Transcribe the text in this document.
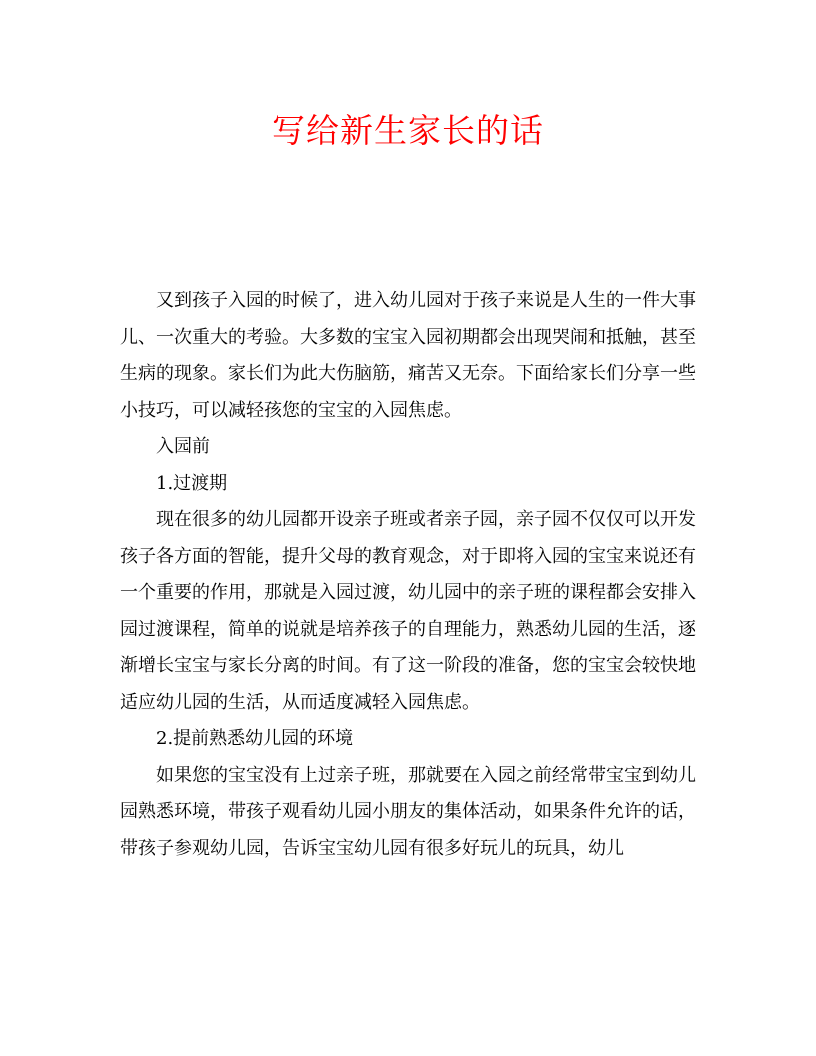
写给新生家长的话

又到孩子入园的时候了，进入幼儿园对于孩子来说是人生的一件大事儿、一次重大的考验。大多数的宝宝入园初期都会出现哭闹和抵触，甚至生病的现象。家长们为此大伤脑筋，痛苦又无奈。下面给家长们分享一些小技巧，可以减轻孩您的宝宝的入园焦虑。

入园前

1.过渡期

现在很多的幼儿园都开设亲子班或者亲子园，亲子园不仅仅可以开发孩子各方面的智能，提升父母的教育观念，对于即将入园的宝宝来说还有一个重要的作用，那就是入园过渡，幼儿园中的亲子班的课程都会安排入园过渡课程，简单的说就是培养孩子的自理能力，熟悉幼儿园的生活，逐渐增长宝宝与家长分离的时间。有了这一阶段的准备，您的宝宝会较快地适应幼儿园的生活，从而适度减轻入园焦虑。

2.提前熟悉幼儿园的环境

如果您的宝宝没有上过亲子班，那就要在入园之前经常带宝宝到幼儿园熟悉环境，带孩子观看幼儿园小朋友的集体活动，如果条件允许的话，带孩子参观幼儿园，告诉宝宝幼儿园有很多好玩儿的玩具，幼儿
